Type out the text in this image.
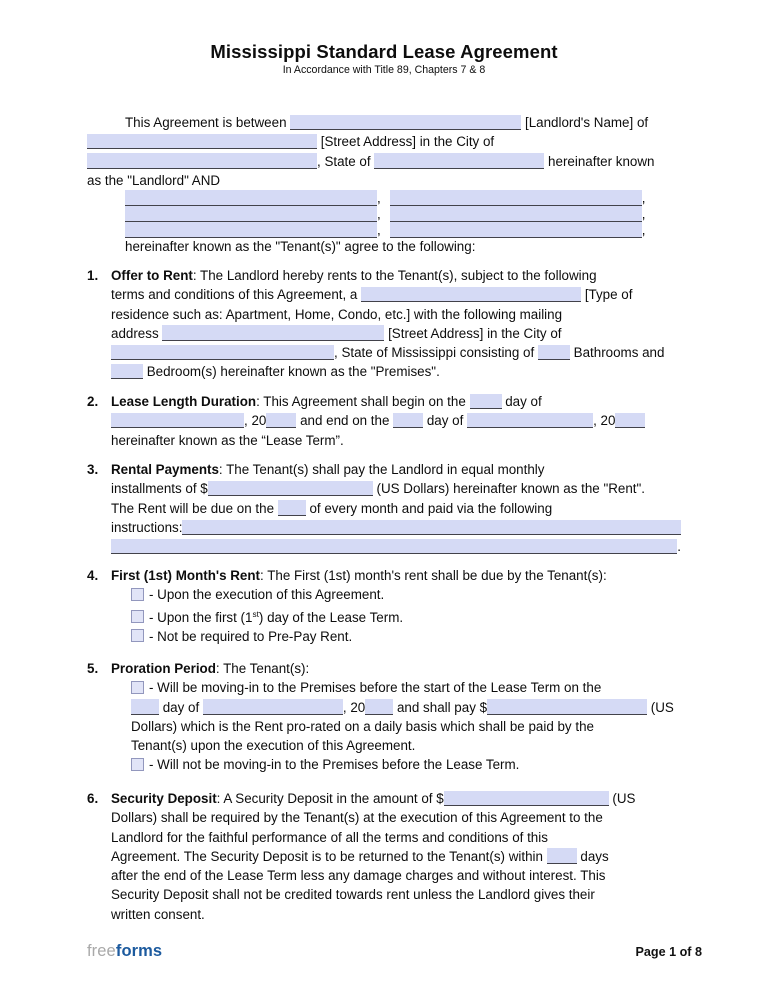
Mississippi Standard Lease Agreement
In Accordance with Title 89, Chapters 7 & 8
This Agreement is between	[Landlord's Name] of
[Street Address] in the City of
, State of	hereinafter known
as the "Landlord" AND
,	,
,	,
,	,
hereinafter known as the "Tenant(s)" agree to the following:
1. Offer to Rent: The Landlord hereby rents to the Tenant(s), subject to the following
terms and conditions of this Agreement, a	[Type of
residence such as: Apartment, Home, Condo, etc.] with the following mailing
address	[Street Address] in the City of
, State of Mississippi consisting of  Bathrooms and
Bedroom(s) hereinafter known as the "Premises".
2. Lease Length Duration: This Agreement shall begin on the  day of
, 20 and end on the  day of	, 20
hereinafter known as the “Lease Term”.
3. Rental Payments: The Tenant(s) shall pay the Landlord in equal monthly
installments of $	(US Dollars) hereinafter known as the "Rent".
The Rent will be due on the  of every month and paid via the following
instructions:
.
4. First (1st) Month's Rent: The First (1st) month's rent shall be due by the Tenant(s):
- Upon the execution of this Agreement.
- Upon the first (1st) day of the Lease Term.
- Not be required to Pre-Pay Rent.
5. Proration Period: The Tenant(s):
- Will be moving-in to the Premises before the start of the Lease Term on the
day of	, 20 and shall pay $	(US
Dollars) which is the Rent pro-rated on a daily basis which shall be paid by the
Tenant(s) upon the execution of this Agreement.
- Will not be moving-in to the Premises before the Lease Term.
6. Security Deposit: A Security Deposit in the amount of $	(US
Dollars) shall be required by the Tenant(s) at the execution of this Agreement to the
Landlord for the faithful performance of all the terms and conditions of this
Agreement. The Security Deposit is to be returned to the Tenant(s) within  days
after the end of the Lease Term less any damage charges and without interest. This
Security Deposit shall not be credited towards rent unless the Landlord gives their
written consent.
freeforms	Page 1 of 8
